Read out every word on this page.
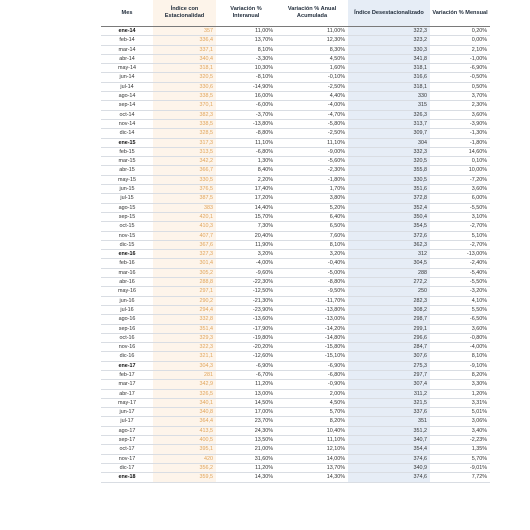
Mes	Índice con Estacionalidad	Variación % Interanual	Variación % Anual Acumulada	Índice Desestacionalizado	Variación % Mensual
ene-14	357	11,00%	11,00%	322,3	0,20%
feb-14	336,4	13,70%	12,30%	323,2	0,00%
mar-14	337,1	8,10%	8,30%	330,3	2,10%
abr-14	340,4	-3,30%	4,50%	341,8	-1,00%
may-14	318,1	10,30%	1,60%	318,1	-6,90%
jun-14	320,5	-8,10%	-0,10%	316,6	-0,50%
jul-14	330,6	-14,90%	-2,50%	318,1	0,50%
ago-14	338,5	16,00%	4,40%	330	3,70%
sep-14	370,1	-6,00%	-4,00%	315	2,30%
oct-14	382,3	-3,70%	-4,70%	326,3	3,60%
nov-14	338,5	-13,80%	-5,80%	313,7	-3,90%
dic-14	328,5	-8,80%	-2,50%	309,7	-1,30%
ene-15	317,3	11,10%	11,10%	304	-1,80%
feb-15	313,5	-6,80%	-9,00%	332,3	14,60%
mar-15	342,2	1,30%	-5,60%	320,5	0,10%
abr-15	366,7	8,40%	-2,30%	355,8	10,00%
may-15	330,5	2,20%	-1,80%	330,5	-7,20%
jun-15	376,5	17,40%	1,70%	351,6	3,60%
jul-15	387,5	17,20%	3,80%	372,8	6,00%
ago-15	383	14,40%	5,20%	352,4	-5,50%
sep-15	420,1	15,70%	6,40%	350,4	3,10%
oct-15	410,3	7,30%	6,50%	354,5	-2,70%
nov-15	407,7	20,40%	7,60%	372,6	5,10%
dic-15	367,6	11,90%	8,10%	362,3	-2,70%
ene-16	327,3	3,20%	3,20%	312	-13,00%
feb-16	301,4	-4,00%	-0,40%	304,5	-2,40%
mar-16	305,2	-9,60%	-5,00%	288	-5,40%
abr-16	288,8	-22,30%	-8,80%	272,2	-5,50%
may-16	297,1	-12,50%	-9,50%	250	-3,20%
jun-16	290,2	-21,30%	-11,70%	282,3	4,10%
jul-16	294,4	-23,90%	-13,80%	308,2	5,50%
ago-16	332,8	-13,60%	-13,00%	298,7	-6,50%
sep-16	351,4	-17,90%	-14,20%	299,1	3,60%
oct-16	329,3	-19,80%	-14,80%	296,6	-0,80%
nov-16	322,3	-20,20%	-15,80%	284,7	-4,00%
dic-16	321,1	-12,60%	-15,10%	307,6	8,10%
ene-17	304,3	-6,90%	-6,90%	275,3	-9,10%
feb-17	281	-6,70%	-6,80%	297,7	8,20%
mar-17	342,9	11,20%	-0,90%	307,4	3,30%
abr-17	326,5	13,00%	2,00%	311,2	1,20%
may-17	340,1	14,50%	4,50%	321,5	3,31%
jun-17	340,8	17,00%	5,70%	337,6	5,01%
jul-17	364,4	23,70%	8,20%	351	3,06%
ago-17	413,5	24,30%	10,40%	351,2	3,40%
sep-17	400,5	13,50%	11,10%	340,7	-2,23%
oct-17	395,1	21,00%	12,10%	354,4	1,35%
nov-17	420	31,60%	14,00%	374,6	5,70%
dic-17	356,2	11,20%	13,70%	340,9	-9,01%
ene-18	359,5	14,30%	14,30%	374,6	7,72%
